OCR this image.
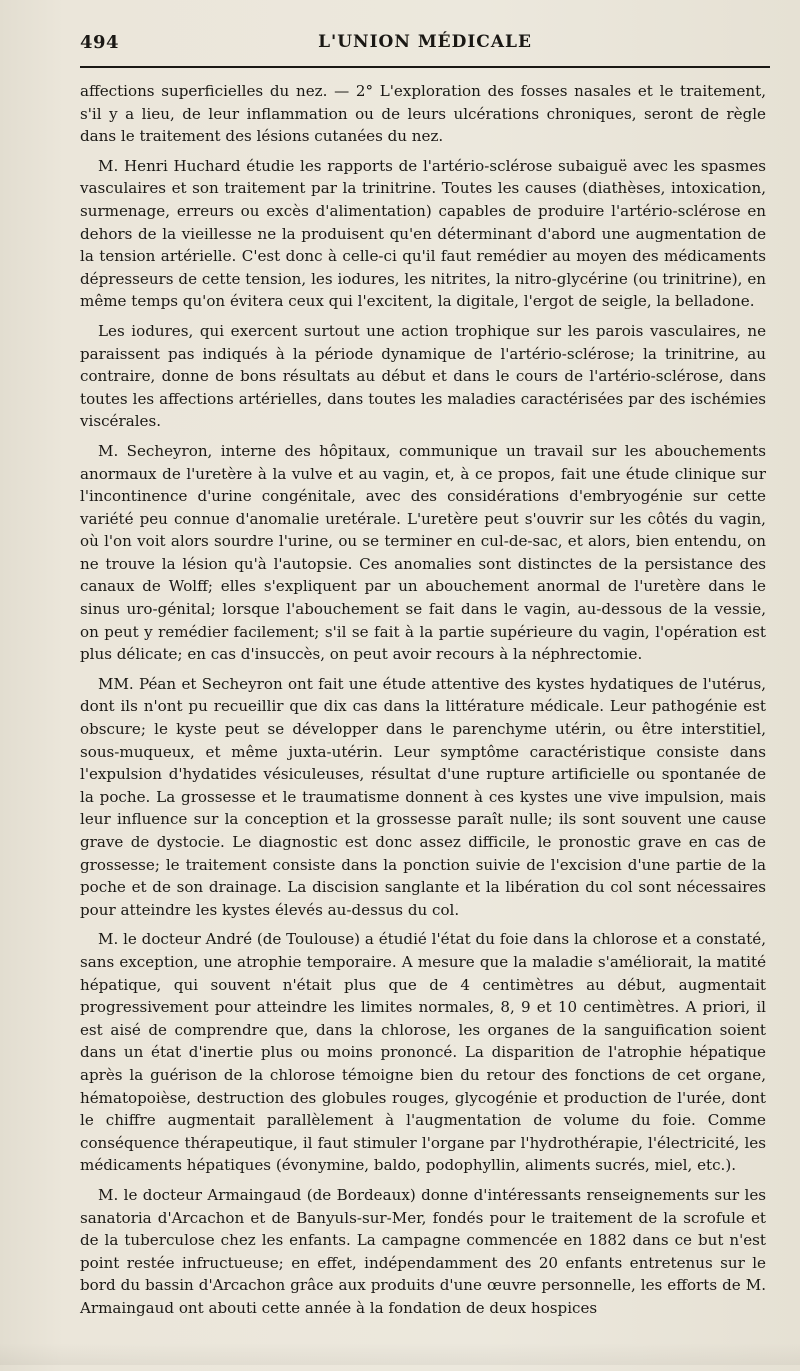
494	L'UNION MÉDICALE

affections superficielles du nez. — 2° L'exploration des fosses nasales et le traitement, s'il y a lieu, de leur inflammation ou de leurs ulcérations chroniques, seront de règle dans le traitement des lésions cutanées du nez.

M. Henri Huchard étudie les rapports de l'artério-sclérose subaiguë avec les spasmes vasculaires et son traitement par la trinitrine. Toutes les causes (diathèses, intoxication, surmenage, erreurs ou excès d'alimentation) capables de produire l'artério-sclérose en dehors de la vieillesse ne la produisent qu'en déterminant d'abord une augmentation de la tension artérielle. C'est donc à celle-ci qu'il faut remédier au moyen des médicaments dépresseurs de cette tension, les iodures, les nitrites, la nitro-glycérine (ou trinitrine), en même temps qu'on évitera ceux qui l'excitent, la digitale, l'ergot de seigle, la belladone.

Les iodures, qui exercent surtout une action trophique sur les parois vasculaires, ne paraissent pas indiqués à la période dynamique de l'artério-sclérose; la trinitrine, au contraire, donne de bons résultats au début et dans le cours de l'artério-sclérose, dans toutes les affections artérielles, dans toutes les maladies caractérisées par des ischémies viscérales.

M. Secheyron, interne des hôpitaux, communique un travail sur les abouchements anormaux de l'uretère à la vulve et au vagin, et, à ce propos, fait une étude clinique sur l'incontinence d'urine congénitale, avec des considérations d'embryogénie sur cette variété peu connue d'anomalie uretérale. L'uretère peut s'ouvrir sur les côtés du vagin, où l'on voit alors sourdre l'urine, ou se terminer en cul-de-sac, et alors, bien entendu, on ne trouve la lésion qu'à l'autopsie. Ces anomalies sont distinctes de la persistance des canaux de Wolff; elles s'expliquent par un abouchement anormal de l'uretère dans le sinus uro-génital; lorsque l'abouchement se fait dans le vagin, au-dessous de la vessie, on peut y remédier facilement; s'il se fait à la partie supérieure du vagin, l'opération est plus délicate; en cas d'insuccès, on peut avoir recours à la néphrectomie.

MM. Péan et Secheyron ont fait une étude attentive des kystes hydatiques de l'utérus, dont ils n'ont pu recueillir que dix cas dans la littérature médicale. Leur pathogénie est obscure; le kyste peut se développer dans le parenchyme utérin, ou être interstitiel, sous-muqueux, et même juxta-utérin. Leur symptôme caractéristique consiste dans l'expulsion d'hydatides vésiculeuses, résultat d'une rupture artificielle ou spontanée de la poche. La grossesse et le traumatisme donnent à ces kystes une vive impulsion, mais leur influence sur la conception et la grossesse paraît nulle; ils sont souvent une cause grave de dystocie. Le diagnostic est donc assez difficile, le pronostic grave en cas de grossesse; le traitement consiste dans la ponction suivie de l'excision d'une partie de la poche et de son drainage. La discision sanglante et la libération du col sont nécessaires pour atteindre les kystes élevés au-dessus du col.

M. le docteur André (de Toulouse) a étudié l'état du foie dans la chlorose et a constaté, sans exception, une atrophie temporaire. A mesure que la maladie s'améliorait, la matité hépatique, qui souvent n'était plus que de 4 centimètres au début, augmentait progressivement pour atteindre les limites normales, 8, 9 et 10 centimètres. A priori, il est aisé de comprendre que, dans la chlorose, les organes de la sanguification soient dans un état d'inertie plus ou moins prononcé. La disparition de l'atrophie hépatique après la guérison de la chlorose témoigne bien du retour des fonctions de cet organe, hématopoièse, destruction des globules rouges, glycogénie et production de l'urée, dont le chiffre augmentait parallèlement à l'augmentation de volume du foie. Comme conséquence thérapeutique, il faut stimuler l'organe par l'hydrothérapie, l'électricité, les médicaments hépatiques (évonymine, baldo, podophyllin, aliments sucrés, miel, etc.).

M. le docteur Armaingaud (de Bordeaux) donne d'intéressants renseignements sur les sanatoria d'Arcachon et de Banyuls-sur-Mer, fondés pour le traitement de la scrofule et de la tuberculose chez les enfants. La campagne commencée en 1882 dans ce but n'est point restée infructueuse; en effet, indépendamment des 20 enfants entretenus sur le bord du bassin d'Arcachon grâce aux produits d'une œuvre personnelle, les efforts de M. Armaingaud ont abouti cette année à la fondation de deux hospices
